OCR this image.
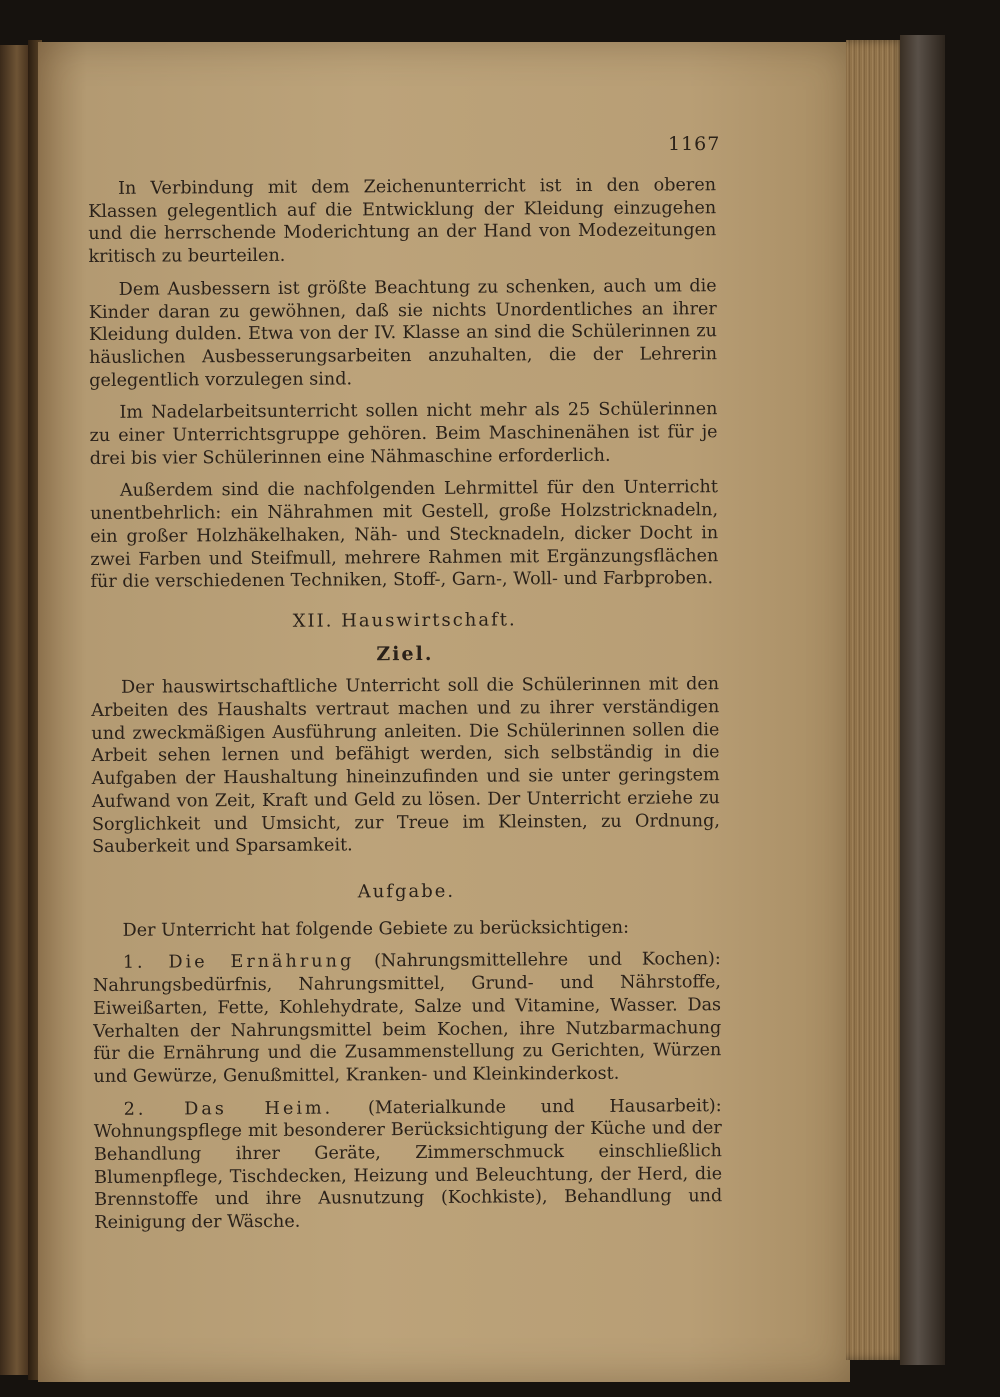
1167

In Verbindung mit dem Zeichenunterricht ist in den oberen Klassen gelegentlich auf die Entwicklung der Kleidung einzugehen und die herrschende Moderichtung an der Hand von Modezeitungen kritisch zu beurteilen.

Dem Ausbessern ist größte Beachtung zu schenken, auch um die Kinder daran zu gewöhnen, daß sie nichts Unordentliches an ihrer Kleidung dulden. Etwa von der IV. Klasse an sind die Schülerinnen zu häuslichen Ausbesserungsarbeiten anzuhalten, die der Lehrerin gelegentlich vorzulegen sind.

Im Nadelarbeitsunterricht sollen nicht mehr als 25 Schülerinnen zu einer Unterrichtsgruppe gehören. Beim Maschinenähen ist für je drei bis vier Schülerinnen eine Nähmaschine erforderlich.

Außerdem sind die nachfolgenden Lehrmittel für den Unterricht unentbehrlich: ein Nährahmen mit Gestell, große Holzstricknadeln, ein großer Holzhäkelhaken, Näh- und Stecknadeln, dicker Docht in zwei Farben und Steifmull, mehrere Rahmen mit Ergänzungsflächen für die verschiedenen Techniken, Stoff-, Garn-, Woll- und Farbproben.

XII. Hauswirtschaft.
Ziel.

Der hauswirtschaftliche Unterricht soll die Schülerinnen mit den Arbeiten des Haushalts vertraut machen und zu ihrer verständigen und zweckmäßigen Ausführung anleiten. Die Schülerinnen sollen die Arbeit sehen lernen und befähigt werden, sich selbständig in die Aufgaben der Haushaltung hineinzufinden und sie unter geringstem Aufwand von Zeit, Kraft und Geld zu lösen. Der Unterricht erziehe zu Sorglichkeit und Umsicht, zur Treue im Kleinsten, zu Ordnung, Sauberkeit und Sparsamkeit.

Aufgabe.

Der Unterricht hat folgende Gebiete zu berücksichtigen:

1. Die Ernährung (Nahrungsmittellehre und Kochen): Nahrungsbedürfnis, Nahrungsmittel, Grund- und Nährstoffe, Eiweißarten, Fette, Kohlehydrate, Salze und Vitamine, Wasser. Das Verhalten der Nahrungsmittel beim Kochen, ihre Nutzbarmachung für die Ernährung und die Zusammenstellung zu Gerichten, Würzen und Gewürze, Genußmittel, Kranken- und Kleinkinderkost.

2. Das Heim. (Materialkunde und Hausarbeit): Wohnungspflege mit besonderer Berücksichtigung der Küche und der Behandlung ihrer Geräte, Zimmerschmuck einschließlich Blumenpflege, Tischdecken, Heizung und Beleuchtung, der Herd, die Brennstoffe und ihre Ausnutzung (Kochkiste), Behandlung und Reinigung der Wäsche.
